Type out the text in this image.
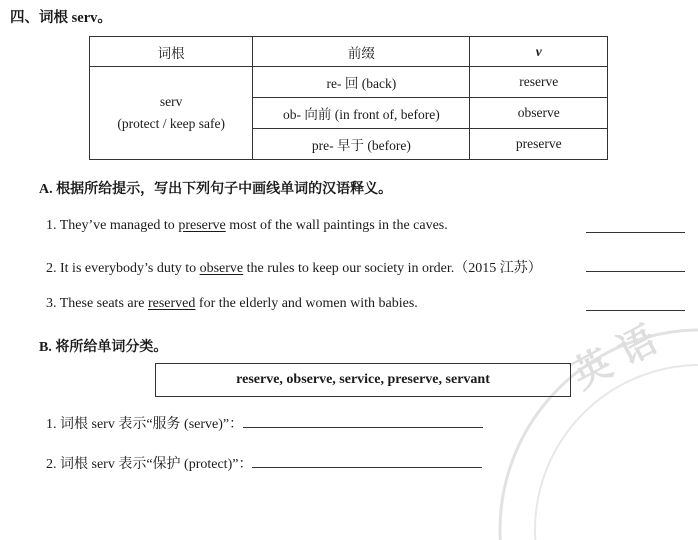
英 语
四、词根 serv。
词根	前缀	v

serv
(protect / keep safe)	re- 回 (back)	reserve
	ob- 向前 (in front of, before)	observe
	pre- 早于 (before)	preserve
A. 根据所给提示，写出下列句子中画线单词的汉语释义。
1. They’ve managed to preserve most of the wall paintings in the caves.
2. It is everybody’s duty to observe the rules to keep our society in order.（2015 江苏）
3. These seats are reserved for the elderly and women with babies.
B. 将所给单词分类。
reserve, observe, service, preserve, servant
1. 词根 serv 表示“服务 (serve)”：
2. 词根 serv 表示“保护 (protect)”：
